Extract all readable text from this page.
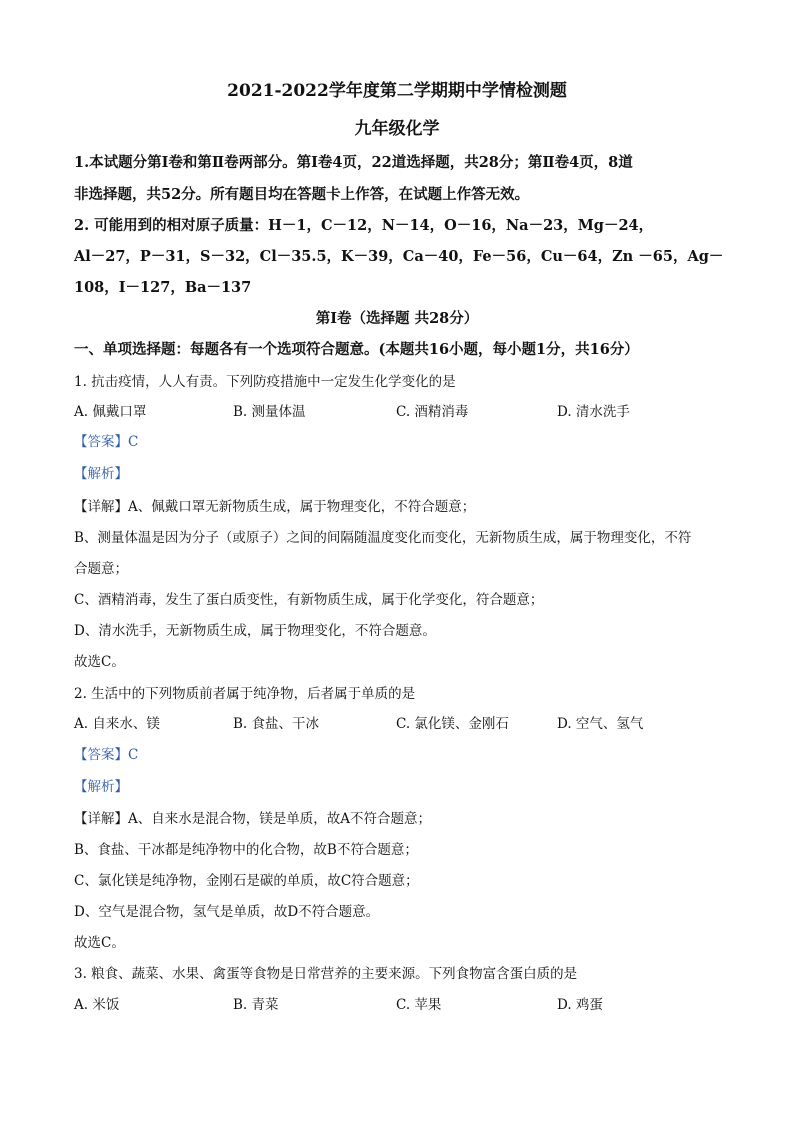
2021-2022学年度第二学期期中学情检测题
九年级化学
1.本试题分第Ⅰ卷和第Ⅱ卷两部分。第Ⅰ卷4页，22道选择题，共28分；第Ⅱ卷4页，8道
非选择题，共52分。所有题目均在答题卡上作答，在试题上作答无效。
2. 可能用到的相对原子质量：H－1，C－12，N－14，O－16，Na－23，Mg－24，
Al－27，P－31，S－32，Cl－35.5，K－39，Ca－40，Fe－56，Cu－64，Zn －65，Ag－
108，I－127，Ba－137
第Ⅰ卷（选择题 共28分）
一、单项选择题：每题各有一个选项符合题意。(本题共16小题，每小题1分，共16分）
1. 抗击疫情，人人有责。下列防疫措施中一定发生化学变化的是
A. 佩戴口罩	B. 测量体温	C. 酒精消毒	D. 清水洗手
【答案】C
【解析】
【详解】A、佩戴口罩无新物质生成，属于物理变化，不符合题意；
B、测量体温是因为分子（或原子）之间的间隔随温度变化而变化，无新物质生成，属于物理变化，不符
合题意；
C、酒精消毒，发生了蛋白质变性，有新物质生成，属于化学变化，符合题意；
D、清水洗手，无新物质生成，属于物理变化，不符合题意。
故选C。
2. 生活中的下列物质前者属于纯净物，后者属于单质的是
A. 自来水、镁	B. 食盐、干冰	C. 氯化镁、金刚石	D. 空气、氢气
【答案】C
【解析】
【详解】A、自来水是混合物，镁是单质，故A不符合题意；
B、食盐、干冰都是纯净物中的化合物，故B不符合题意；
C、氯化镁是纯净物，金刚石是碳的单质，故C符合题意；
D、空气是混合物，氢气是单质，故D不符合题意。
故选C。
3. 粮食、蔬菜、水果、禽蛋等食物是日常营养的主要来源。下列食物富含蛋白质的是
A. 米饭	B. 青菜	C. 苹果	D. 鸡蛋
